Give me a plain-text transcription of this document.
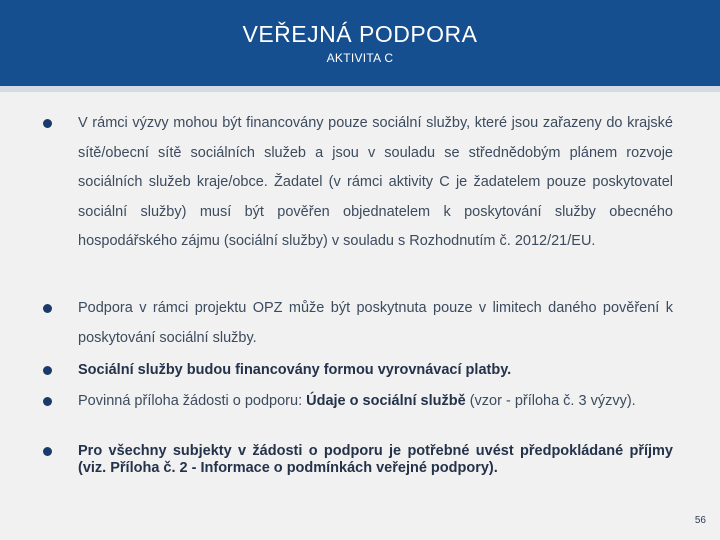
VEŘEJNÁ PODPORA
AKTIVITA C
V rámci výzvy mohou být financovány pouze sociální služby, které jsou zařazeny do krajské sítě/obecní sítě sociálních služeb a jsou v souladu se střednědobým plánem rozvoje sociálních služeb kraje/obce. Žadatel (v rámci aktivity C je žadatelem pouze poskytovatel sociální služby) musí být pověřen objednatelem k poskytování služby obecného hospodářského zájmu (sociální služby) v souladu s Rozhodnutím č. 2012/21/EU.
Podpora v rámci projektu OPZ může být poskytnuta pouze v limitech daného pověření k poskytování sociální služby.
Sociální služby budou financovány formou vyrovnávací platby.
Povinná příloha žádosti o podporu: Údaje o sociální službě (vzor - příloha č. 3 výzvy).
Pro všechny subjekty v žádosti o podporu je potřebné uvést předpokládané příjmy (viz. Příloha č. 2 - Informace o podmínkách veřejné podpory).
56
